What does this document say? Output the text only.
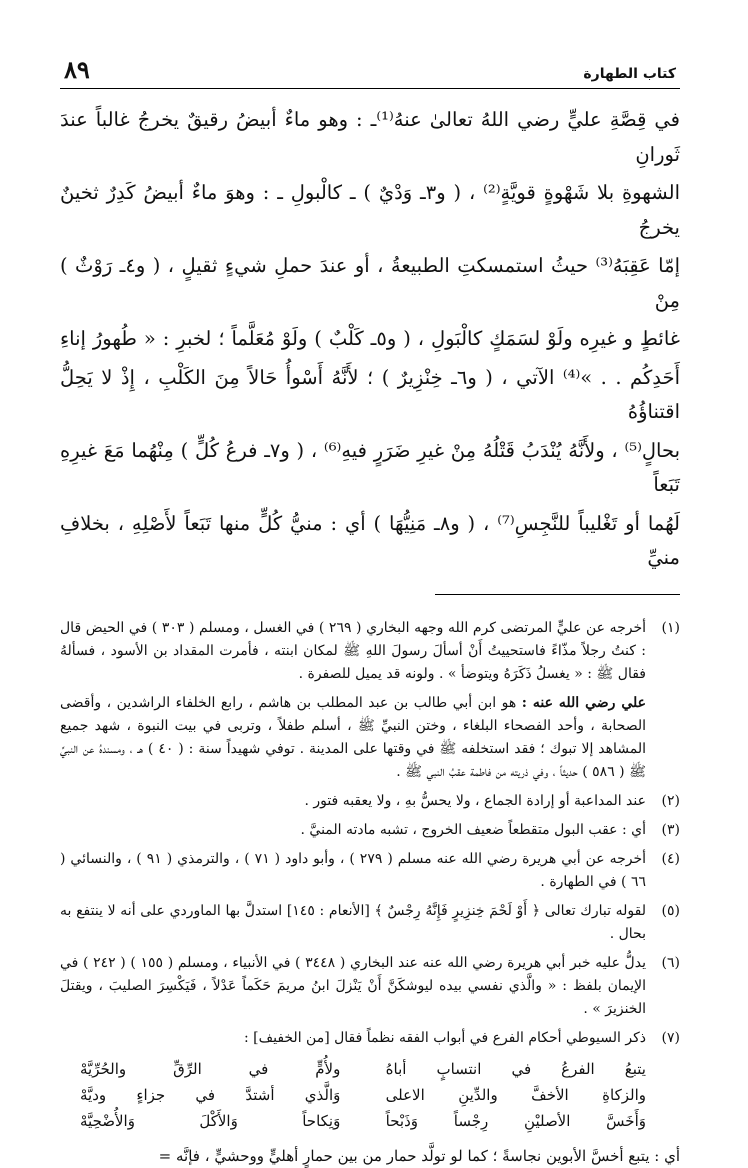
كتاب الطهارة
٨٩

في قِصَّةِ عليٍّ رضي اللهُ تعالىٰ عنهُ⁽¹⁾ـ : وهو ماءٌ أبيضُ رقيقٌ يخرجُ غالباً عندَ ثَورانِ

الشهوةِ بلا شَهْوةٍ قويَّةٍ⁽²⁾ ، ( و٣ـ وَدْيٌ ) ـ كالْبولِ ـ : وهوَ ماءٌ أبيضُ كَدِرٌ ثخينٌ يخرجُ

إمّا عَقِبَهُ⁽³⁾ حيثُ استمسكتِ الطبيعةُ ، أو عندَ حملِ شيءٍ ثقيلٍ ، ( و٤ـ رَوْثٌ ) مِنْ

غائطٍ و غيرِه ولَوْ لسَمَكٍ كالْبَولِ ، ( و٥ـ كَلْبٌ ) ولَوْ مُعَلَّماً ؛ لخبرِ : « طُهورُ إناءِ

أَحَدِكُم . . »⁽⁴⁾ الآتي ، ( و٦ـ خِنْزِيرٌ ) ؛ لأَنَّهُ أَسْوأُ حَالاً مِنَ الكَلْبِ ، إِذْ لا يَحِلُّ اقتناؤُهُ

بحالٍ⁽⁵⁾ ، ولأَنَّهُ يُنْدَبُ قَتْلُهُ مِنْ غيرِ ضَرَرٍ فيهِ⁽⁶⁾ ، ( و٧ـ فرعُ كُلٍّ ) مِنْهُما مَعَ غيرِهِ تَبَعاً

لَهُما أو تَغْليباً للنَّجِسِ⁽⁷⁾ ، ( و٨ـ مَنِيُّهَا ) أي : منيُّ كُلٍّ منها تَبَعاً لأَصْلِهِ ، بخلافِ منيِّ

(١)

أخرجه عن عليٍّ المرتضى كرم الله وجهه البخاري ( ٢٦٩ ) في الغسل ، ومسلم ( ٣٠٣ ) في الحيض قال : كنتُ رجلاً مذّاءً فاستحييتُ أَنْ أسألَ رسولَ اللهِ ﷺ لمكان ابنته ، فأمرت المقداد بن الأسود ، فسألهُ فقال ﷺ : « يغسلُ ذَكَرَهُ ويتوضأ » . ولونه قد يميل للصفرة .

علي رضي الله عنه : هو ابن أبي طالب بن عبد المطلب بن هاشم ، رابع الخلفاء الراشدين ، وأقضى الصحابة ، وأحد الفصحاء البلغاء ، وختن النبيِّ ﷺ ، أسلم طفلاً ، وتربى في بيت النبوة ، شهد جميع المشاهد إلا تبوك ؛ فقد استخلفه ﷺ في وقتها على المدينة . توفي شهيداً سنة : ( ٤٠ ) هـ ، ومسندهُ عن النبيِّ ﷺ ( ٥٨٦ ) حديثاً ، وفي ذريته من فاطمة عقبُ النبي ﷺ .

(٢)

عند المداعبة أو إرادة الجماع ، ولا يحسُّ بهِ ، ولا يعقبه فتور .

(٣)

أي : عقب البول متقطعاً ضعيف الخروج ، تشبه مادته المنيَّ .

(٤)

أخرجه عن أبي هريرة رضي الله عنه مسلم ( ٢٧٩ ) ، وأبو داود ( ٧١ ) ، والترمذي ( ٩١ ) ، والنسائي ( ٦٦ ) في الطهارة .

(٥)

لقوله تبارك تعالى ﴿ أَوْ لَحْمَ خِنزِيرٍ فَإِنَّهُ رِجْسٌ ﴾ [الأنعام : ١٤٥] استدلَّ بها الماوردي على أنه لا ينتفع به بحال .

(٦)

يدلُّ عليه خبر أبي هريرة رضي الله عنه عند البخاري ( ٣٤٤٨ ) في الأنبياء ، ومسلم ( ١٥٥ ) ( ٢٤٢ ) في الإيمان بلفظ : « والَّذي نفسي بيده ليوشكَنَّ أَنْ يَنْزلَ ابنُ مريمَ حَكَماً عَدْلاً ، فَيَكْسِرَ الصليبَ ، ويقتلَ الخنزيرَ » .

(٧)

ذكر السيوطي أحكام الفرع في أبواب الفقه نظماً فقال [من الخفيف] :

يتبعُ الفرعُ في انتسابٍ أباهُ
ولأُمٍّ في الرِّقِّ والحُرِّيَّهْ
والزكاةِ الأخفَّ والدِّينِ الاعلى
وَالَّذي أشتدَّ في جزاءٍ وديَّهْ
وَأَخَسَّ الأصليْنِ رِجْساً وَذَبْحاً
وَنِكاحاً وَالأَكْلَ وَالأُضْحِيَّهْ
أي : يتبع أخسَّ الأبوين نجاسةً ؛ كما لو تولَّد حمار من بين حمارٍ أهليٍّ ووحشيٍّ ، فإنَّه =
